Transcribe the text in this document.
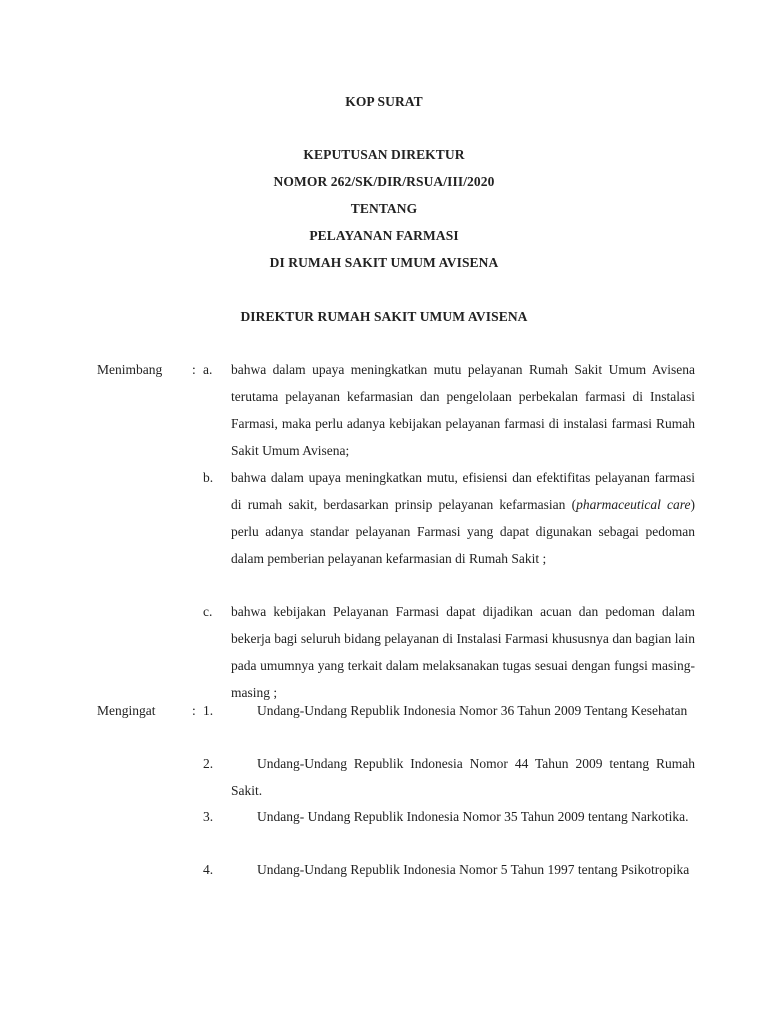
KOP SURAT
KEPUTUSAN DIREKTUR
NOMOR 262/SK/DIR/RSUA/III/2020
TENTANG
PELAYANAN FARMASI
DI RUMAH SAKIT UMUM AVISENA
DIREKTUR RUMAH SAKIT UMUM AVISENA
Menimbang : a. bahwa dalam upaya meningkatkan mutu pelayanan Rumah Sakit Umum Avisena terutama pelayanan kefarmasian dan pengelolaan perbekalan farmasi di Instalasi Farmasi, maka perlu adanya kebijakan pelayanan farmasi di instalasi farmasi Rumah Sakit Umum Avisena;
b. bahwa dalam upaya meningkatkan mutu, efisiensi dan efektifitas pelayanan farmasi di rumah sakit, berdasarkan prinsip pelayanan kefarmasian (pharmaceutical care) perlu adanya standar pelayanan Farmasi yang dapat digunakan sebagai pedoman dalam pemberian pelayanan kefarmasian di Rumah Sakit ;
c. bahwa kebijakan Pelayanan Farmasi dapat dijadikan acuan dan pedoman dalam bekerja bagi seluruh bidang pelayanan di Instalasi Farmasi khususnya dan bagian lain pada umumnya yang terkait dalam melaksanakan tugas sesuai dengan fungsi masing-masing ;
Mengingat	: 1.	Undang-Undang Republik Indonesia Nomor 36 Tahun 2009 Tentang Kesehatan
2.	Undang-Undang Republik Indonesia Nomor 44 Tahun 2009 tentang Rumah Sakit.
3.	Undang- Undang Republik Indonesia Nomor 35 Tahun 2009 tentang Narkotika.
4.	Undang-Undang Republik Indonesia Nomor 5 Tahun 1997 tentang Psikotropika
